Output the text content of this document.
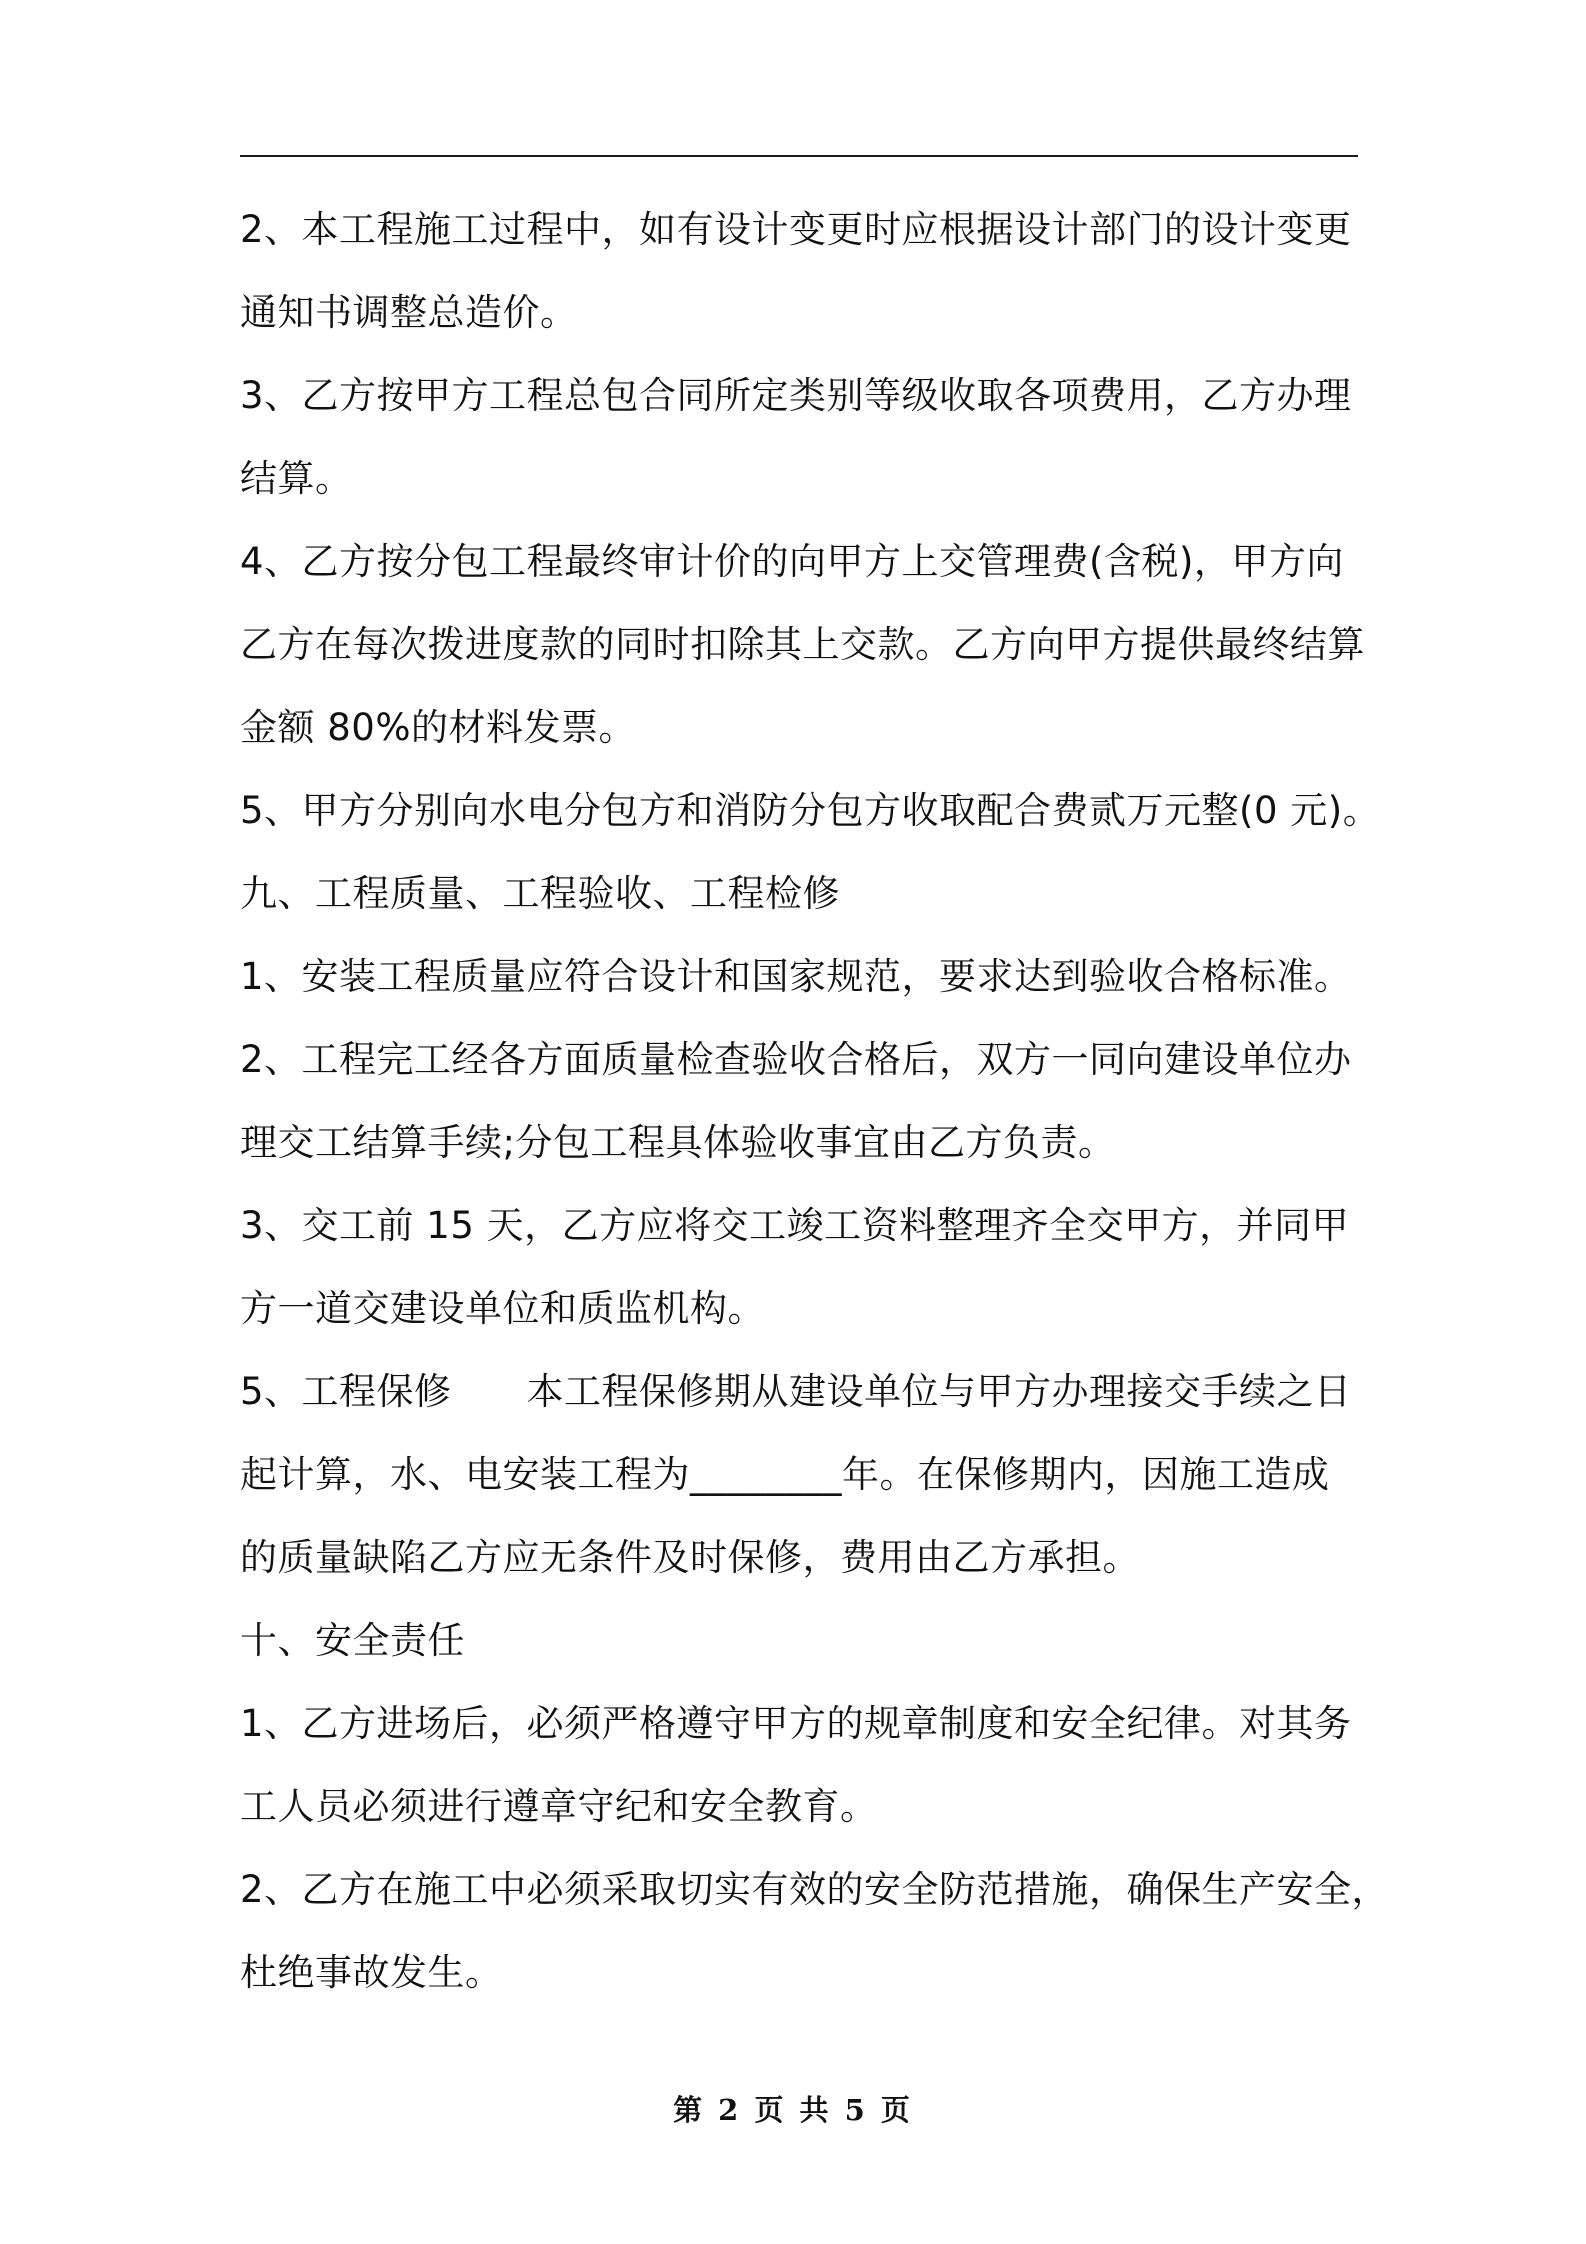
2、本工程施工过程中，如有设计变更时应根据设计部门的设计变更
通知书调整总造价。
3、乙方按甲方工程总包合同所定类别等级收取各项费用，乙方办理
结算。
4、乙方按分包工程最终审计价的向甲方上交管理费(含税)，甲方向
乙方在每次拨进度款的同时扣除其上交款。乙方向甲方提供最终结算
金额 80%的材料发票。
5、甲方分别向水电分包方和消防分包方收取配合费贰万元整(0 元)。
九、工程质量、工程验收、工程检修
1、安装工程质量应符合设计和国家规范，要求达到验收合格标准。
2、工程完工经各方面质量检查验收合格后，双方一同向建设单位办
理交工结算手续;分包工程具体验收事宜由乙方负责。
3、交工前 15 天，乙方应将交工竣工资料整理齐全交甲方，并同甲
方一道交建设单位和质监机构。
5、工程保修　　本工程保修期从建设单位与甲方办理接交手续之日
起计算，水、电安装工程为________年。在保修期内，因施工造成
的质量缺陷乙方应无条件及时保修，费用由乙方承担。
十、安全责任
1、乙方进场后，必须严格遵守甲方的规章制度和安全纪律。对其务
工人员必须进行遵章守纪和安全教育。
2、乙方在施工中必须采取切实有效的安全防范措施，确保生产安全，
杜绝事故发生。
第 2 页 共 5 页
